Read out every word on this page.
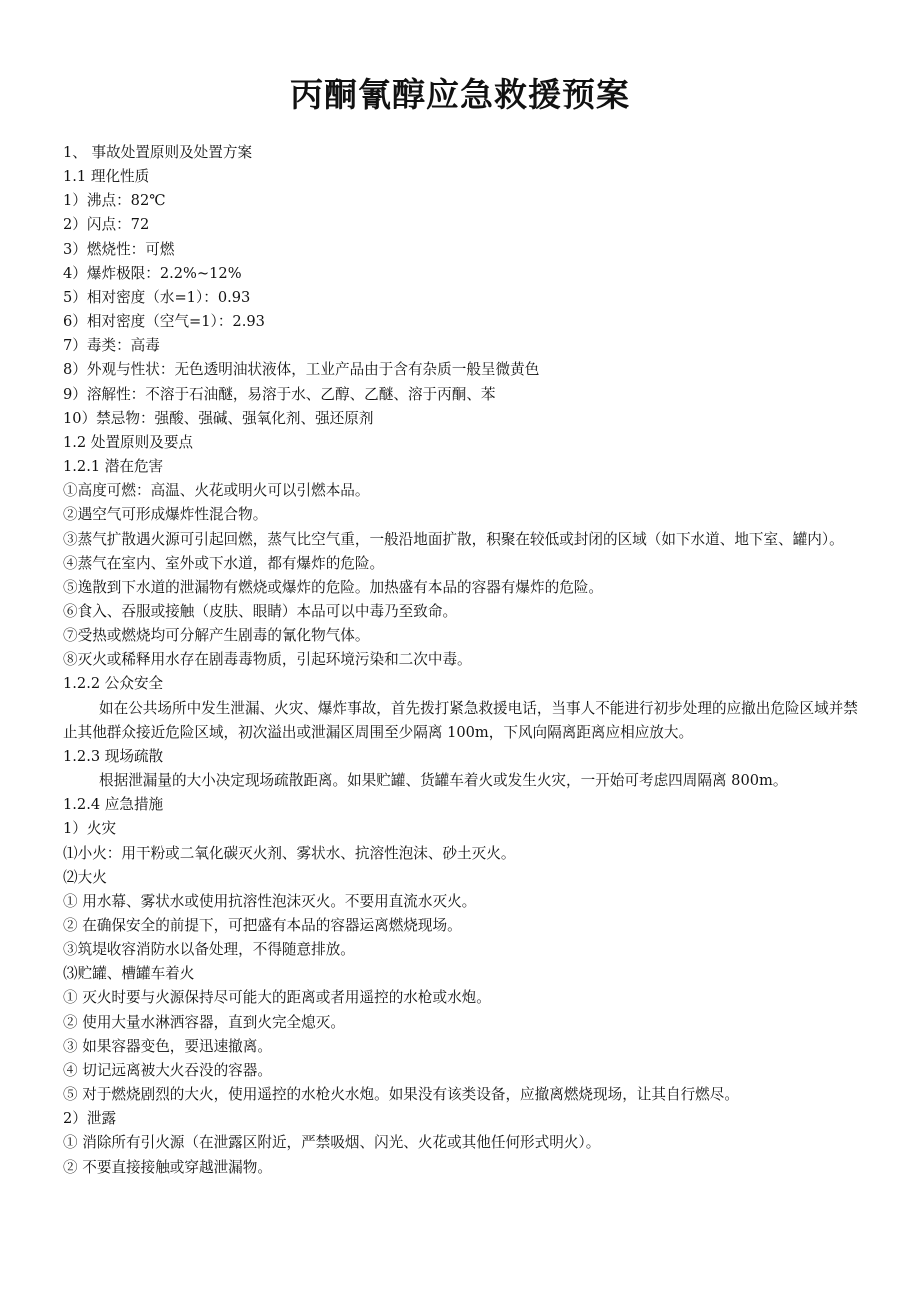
丙酮氰醇应急救援预案

1、 事故处置原则及处置方案

1.1 理化性质

1）沸点：82℃

2）闪点：72

3）燃烧性：可燃

4）爆炸极限：2.2%~12%

5）相对密度（水=1）：0.93

6）相对密度（空气=1）：2.93

7）毒类：高毒

8）外观与性状：无色透明油状液体，工业产品由于含有杂质一般呈微黄色

9）溶解性：不溶于石油醚，易溶于水、乙醇、乙醚、溶于丙酮、苯

10）禁忌物：强酸、强碱、强氧化剂、强还原剂

1.2 处置原则及要点

1.2.1 潜在危害

①高度可燃：高温、火花或明火可以引燃本品。

②遇空气可形成爆炸性混合物。

③蒸气扩散遇火源可引起回燃，蒸气比空气重，一般沿地面扩散，积聚在较低或封闭的区域（如下水道、地下室、罐内）。

④蒸气在室内、室外或下水道，都有爆炸的危险。

⑤逸散到下水道的泄漏物有燃烧或爆炸的危险。加热盛有本品的容器有爆炸的危险。

⑥食入、吞服或接触（皮肤、眼睛）本品可以中毒乃至致命。

⑦受热或燃烧均可分解产生剧毒的氰化物气体。

⑧灭火或稀释用水存在剧毒毒物质，引起环境污染和二次中毒。

1.2.2 公众安全

如在公共场所中发生泄漏、火灾、爆炸事故，首先拨打紧急救援电话，当事人不能进行初步处理的应撤出危险区域并禁止其他群众接近危险区域，初次溢出或泄漏区周围至少隔离 100m，下风向隔离距离应相应放大。

1.2.3 现场疏散

根据泄漏量的大小决定现场疏散距离。如果贮罐、货罐车着火或发生火灾，一开始可考虑四周隔离 800m。

1.2.4 应急措施

1）火灾

⑴小火：用干粉或二氧化碳灭火剂、雾状水、抗溶性泡沫、砂土灭火。

⑵大火

① 用水幕、雾状水或使用抗溶性泡沫灭火。不要用直流水灭火。

② 在确保安全的前提下，可把盛有本品的容器运离燃烧现场。

③筑堤收容消防水以备处理，不得随意排放。

⑶贮罐、槽罐车着火

① 灭火时要与火源保持尽可能大的距离或者用遥控的水枪或水炮。

② 使用大量水淋洒容器，直到火完全熄灭。

③ 如果容器变色，要迅速撤离。

④ 切记远离被大火吞没的容器。

⑤ 对于燃烧剧烈的大火，使用遥控的水枪火水炮。如果没有该类设备，应撤离燃烧现场，让其自行燃尽。

2）泄露

① 消除所有引火源（在泄露区附近，严禁吸烟、闪光、火花或其他任何形式明火）。

② 不要直接接触或穿越泄漏物。
